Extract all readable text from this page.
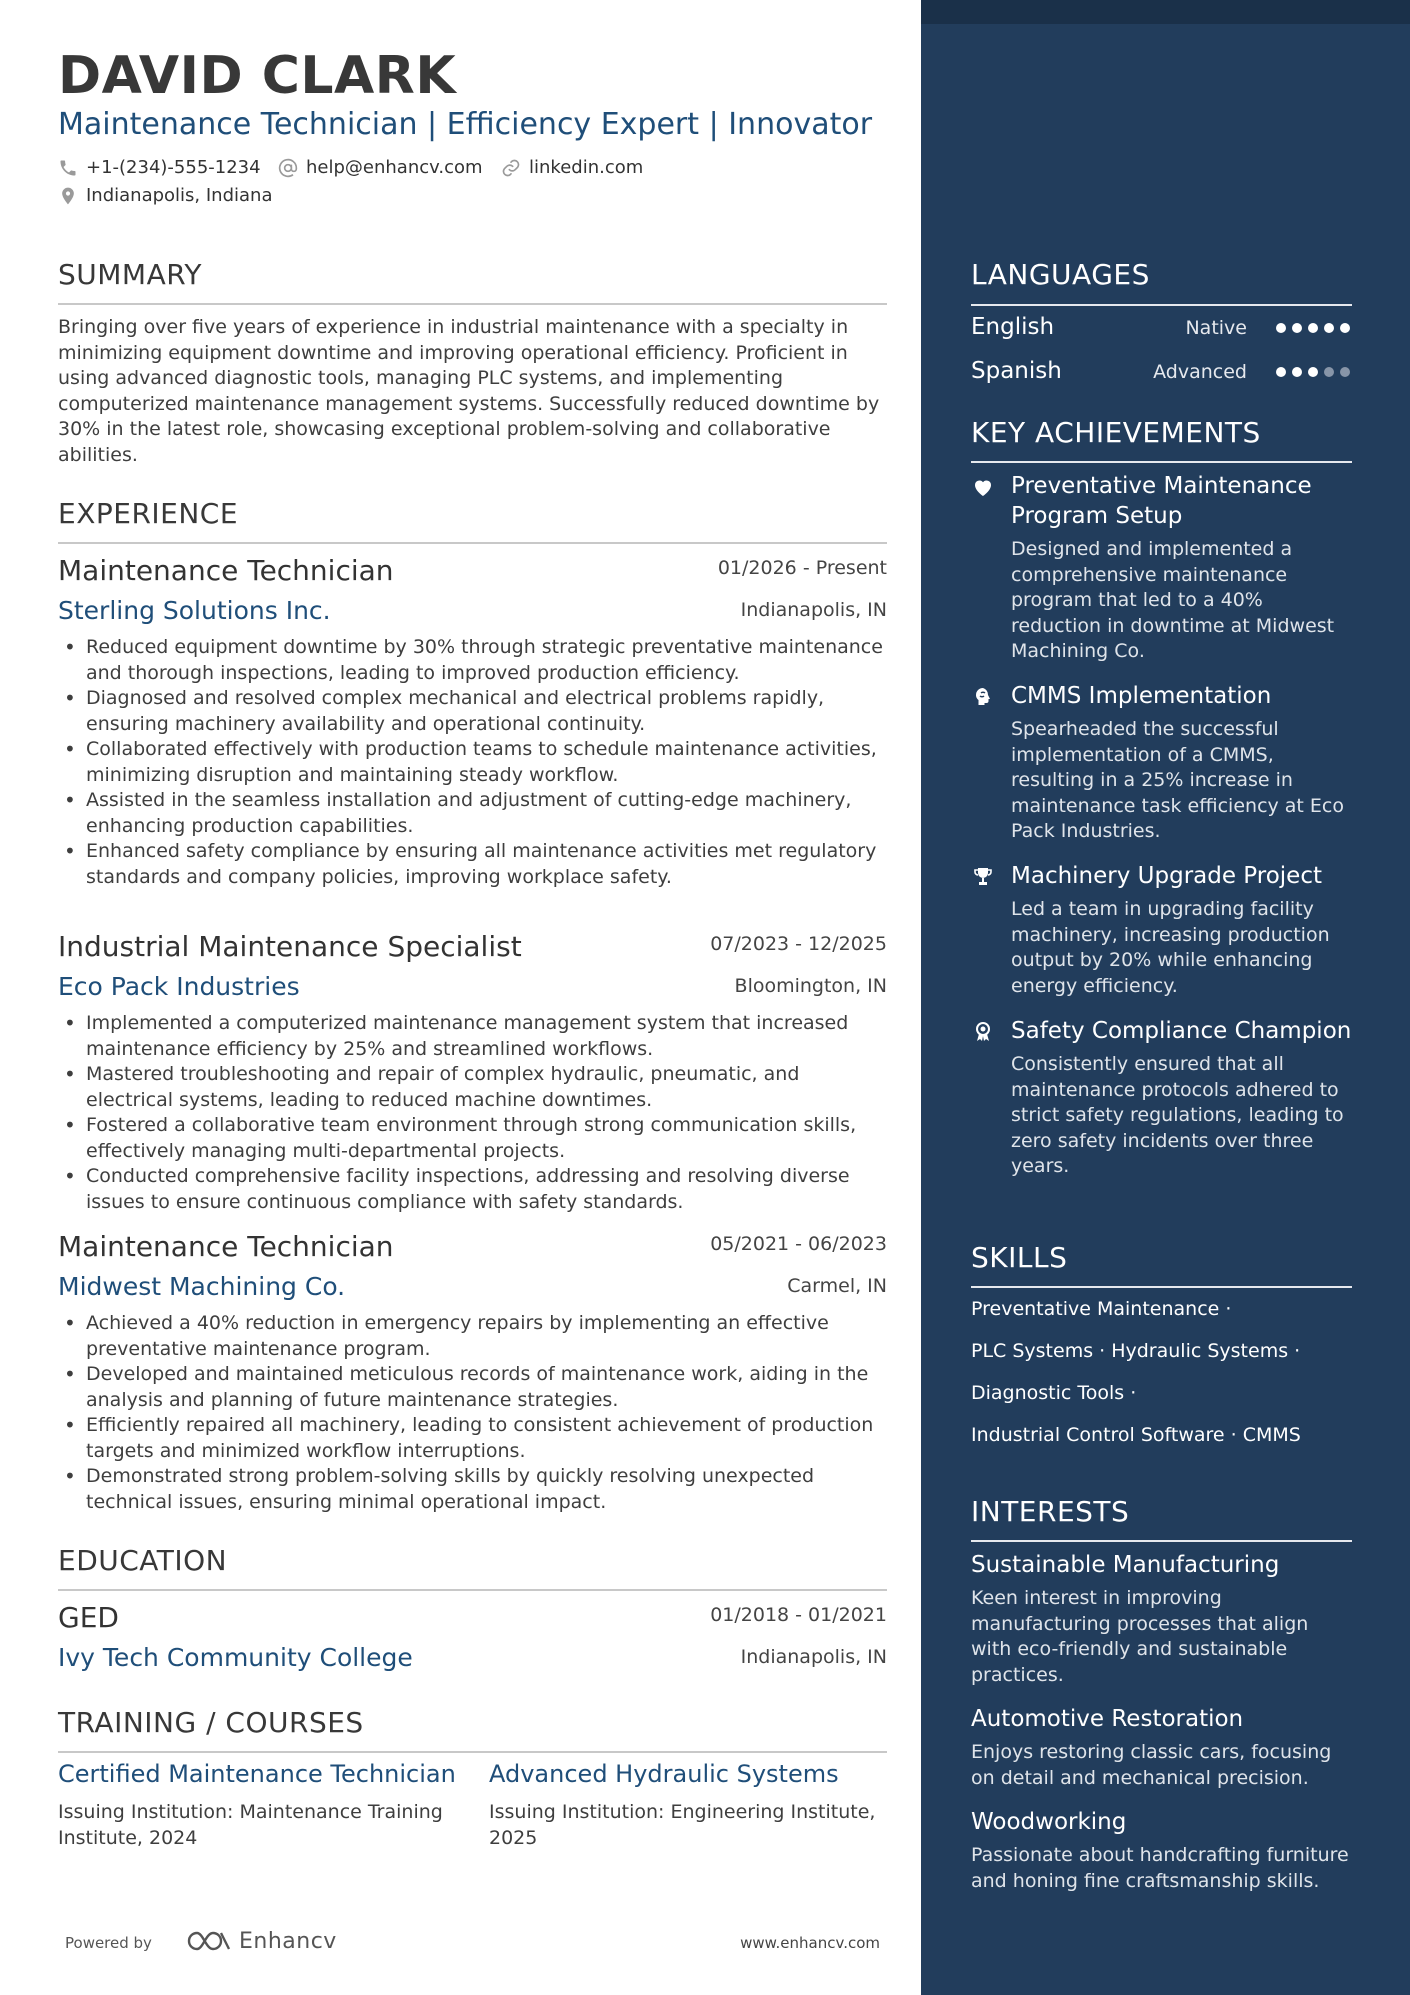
DAVID CLARK
Maintenance Technician | Efficiency Expert | Innovator
+1-(234)-555-1234	help@enhancv.com	linkedin.com
Indianapolis, Indiana
SUMMARY
Bringing over five years of experience in industrial maintenance with a specialty in minimizing equipment downtime and improving operational efficiency. Proficient in using advanced diagnostic tools, managing PLC systems, and implementing computerized maintenance management systems. Successfully reduced downtime by 30% in the latest role, showcasing exceptional problem-solving and collaborative abilities.
EXPERIENCE
Maintenance Technician	01/2026 - Present
Sterling Solutions Inc.	Indianapolis, IN
• Reduced equipment downtime by 30% through strategic preventative maintenance and thorough inspections, leading to improved production efficiency.
• Diagnosed and resolved complex mechanical and electrical problems rapidly, ensuring machinery availability and operational continuity.
• Collaborated effectively with production teams to schedule maintenance activities, minimizing disruption and maintaining steady workflow.
• Assisted in the seamless installation and adjustment of cutting-edge machinery, enhancing production capabilities.
• Enhanced safety compliance by ensuring all maintenance activities met regulatory standards and company policies, improving workplace safety.
Industrial Maintenance Specialist	07/2023 - 12/2025
Eco Pack Industries	Bloomington, IN
• Implemented a computerized maintenance management system that increased maintenance efficiency by 25% and streamlined workflows.
• Mastered troubleshooting and repair of complex hydraulic, pneumatic, and electrical systems, leading to reduced machine downtimes.
• Fostered a collaborative team environment through strong communication skills, effectively managing multi-departmental projects.
• Conducted comprehensive facility inspections, addressing and resolving diverse issues to ensure continuous compliance with safety standards.
Maintenance Technician	05/2021 - 06/2023
Midwest Machining Co.	Carmel, IN
• Achieved a 40% reduction in emergency repairs by implementing an effective preventative maintenance program.
• Developed and maintained meticulous records of maintenance work, aiding in the analysis and planning of future maintenance strategies.
• Efficiently repaired all machinery, leading to consistent achievement of production targets and minimized workflow interruptions.
• Demonstrated strong problem-solving skills by quickly resolving unexpected technical issues, ensuring minimal operational impact.
EDUCATION
GED	01/2018 - 01/2021
Ivy Tech Community College	Indianapolis, IN
TRAINING / COURSES
Certified Maintenance Technician
Issuing Institution: Maintenance Training Institute, 2024
Advanced Hydraulic Systems
Issuing Institution: Engineering Institute, 2025
Powered by	Enhancv	www.enhancv.com
LANGUAGES
English	Native
Spanish	Advanced
KEY ACHIEVEMENTS
Preventative Maintenance Program Setup
Designed and implemented a comprehensive maintenance program that led to a 40% reduction in downtime at Midwest Machining Co.
CMMS Implementation
Spearheaded the successful implementation of a CMMS, resulting in a 25% increase in maintenance task efficiency at Eco Pack Industries.
Machinery Upgrade Project
Led a team in upgrading facility machinery, increasing production output by 20% while enhancing energy efficiency.
Safety Compliance Champion
Consistently ensured that all maintenance protocols adhered to strict safety regulations, leading to zero safety incidents over three years.
SKILLS
Preventative Maintenance ·
PLC Systems · Hydraulic Systems ·
Diagnostic Tools ·
Industrial Control Software · CMMS
INTERESTS
Sustainable Manufacturing
Keen interest in improving manufacturing processes that align with eco-friendly and sustainable practices.
Automotive Restoration
Enjoys restoring classic cars, focusing on detail and mechanical precision.
Woodworking
Passionate about handcrafting furniture and honing fine craftsmanship skills.
